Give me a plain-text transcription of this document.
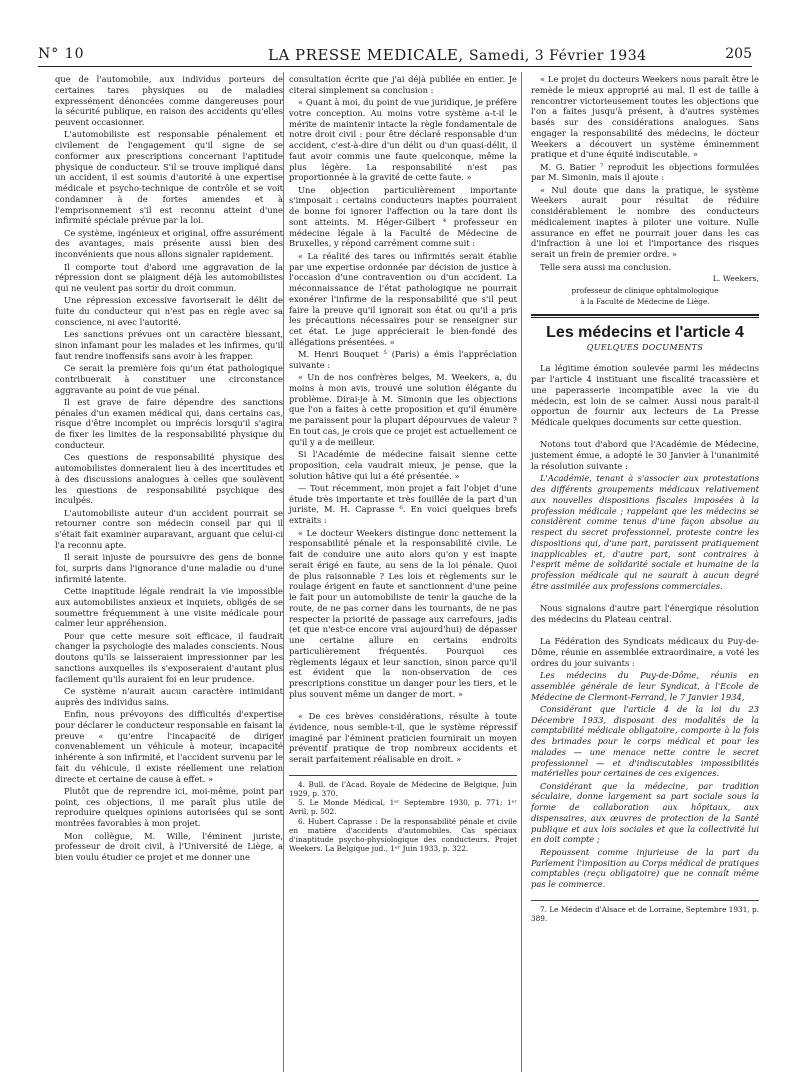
N° 10	LA PRESSE MEDICALE, Samedi, 3 Février 1934	205

que de l'automobile, aux individus porteurs de certaines tares physiques ou de maladies expressément dénoncées comme dangereuses pour la sécurité publique, en raison des accidents qu'elles peuvent occasionner.

L'automobiliste est responsable pénalement et civilement de l'engagement qu'il signe de se conformer aux prescriptions concernant l'aptitude physique de conducteur. S'il se trouve impliqué dans un accident, il est soumis d'autorité à une expertise médicale et psycho-technique de contrôle et se voit condamner à de fortes amendes et à l'emprisonnement s'il est reconnu atteint d'une infirmité spéciale prévue par la loi.

Ce système, ingénieux et original, offre assurément des avantages, mais présente aussi bien des inconvénients que nous allons signaler rapidement.

Il comporte tout d'abord une aggravation de la répression dont se plaignent déjà les automobilistes qui ne veulent pas sortir du droit commun.

Une répression excessive favoriserait le délit de fuite du conducteur qui n'est pas en règle avec sa conscience, ni avec l'autorité.

Les sanctions prévues ont un caractère blessant, sinon infamant pour les malades et les infirmes, qu'il faut rendre inoffensifs sans avoir à les frapper.

Ce serait la première fois qu'un état pathologique contribuerait à constituer une circonstance aggravante au point de vue pénal.

Il est grave de faire dépendre des sanctions pénales d'un examen médical qui, dans certains cas, risque d'être incomplet ou imprécis lorsqu'il s'agira de fixer les limites de la responsabilité physique du conducteur.

Ces questions de responsabilité physique des automobilistes donneraient lieu à des incertitudes et à des discussions analogues à celles que soulèvent les questions de responsabilité psychique des inculpés.

L'automobiliste auteur d'un accident pourrait se retourner contre son médecin conseil par qui il s'était fait examiner auparavant, arguant que celui-ci l'a reconnu apte.

Il serait injuste de poursuivre des gens de bonne foi, surpris dans l'ignorance d'une maladie ou d'une infirmité latente.

Cette inaptitude légale rendrait la vie impossible aux automobilistes anxieux et inquiets, obligés de se soumettre fréquemment à une visite médicale pour calmer leur appréhension.

Pour que cette mesure soit efficace, il faudrait changer la psychologie des malades conscients. Nous doutons qu'ils se laisseraient impressionner par les sanctions auxquelles ils s'exposeraient d'autant plus facilement qu'ils auraient foi en leur prudence.

Ce système n'aurait aucun caractère intimidant auprès des individus sains.

Enfin, nous prévoyons des difficultés d'expertise pour déclarer le conducteur responsable en faisant la preuve « qu'entre l'incapacité de diriger convenablement un véhicule à moteur, incapacité inhérente à son infirmité, et l'accident survenu par le fait du véhicule, il existe réellement une relation directe et certaine de cause à effet. »

Plutôt que de reprendre ici, moi-même, point par point, ces objections, il me paraît plus utile de reproduire quelques opinions autorisées qui se sont montrées favorables à mon projet.

Mon collègue, M. Wille, l'éminent juriste, professeur de droit civil, à l'Université de Liège, a bien voulu étudier ce projet et me donner une

consultation écrite que j'ai déjà publiée en entier. Je citerai simplement sa conclusion :

« Quant à moi, du point de vue juridique, je préfère votre conception. Au moins votre système a-t-il le mérite de maintenir intacte la règle fondamentale de notre droit civil : pour être déclaré responsable d'un accident, c'est-à-dire d'un délit ou d'un quasi-délit, il faut avoir commis une faute quelconque, même la plus légère. La responsabilité n'est pas proportionnée à la gravité de cette faute. »

Une objection particulièrement importante s'imposait : certains conducteurs inaptes pourraient de bonne foi ignorer l'affection ou la tare dont ils sont atteints. M. Héger-Gilbert ⁴ professeur en médecine légale à la Faculté de Médecine de Bruxelles, y répond carrément comme suit :

« La réalité des tares ou infirmités serait établie par une expertise ordonnée par décision de justice à l'occasion d'une contravention ou d'un accident. La méconnaissance de l'état pathologique ne pourrait exonérer l'infirme de la responsabilité que s'il peut faire la preuve qu'il ignorait son état ou qu'il a pris les précautions nécessaires pour se renseigner sur cet état. Le juge apprécierait le bien-fondé des allégations présentées. »

M. Henri Bouquet ⁵ (Paris) a émis l'appréciation suivante :

« Un de nos confrères belges, M. Weekers, a, du moins à mon avis, trouvé une solution élégante du problème. Dirai-je à M. Simonin que les objections que l'on a faites à cette proposition et qu'il énumère me paraissent pour la plupart dépourvues de valeur ? En tout cas, je crois que ce projet est actuellement ce qu'il y a de meilleur.

Si l'Académie de médecine faisait sienne cette proposition, cela vaudrait mieux, je pense, que la solution hâtive qui lui a été présentée. »

— Tout récemment, mon projet a fait l'objet d'une étude très importante et très fouillée de la part d'un juriste, M. H. Caprasse ⁶. En voici quelques brefs extraits :

« Le docteur Weekers distingue donc nettement la responsabilité pénale et la responsabilité civile. Le fait de conduire une auto alors qu'on y est inapte serait érigé en faute, au sens de la loi pénale. Quoi de plus raisonnable ? Les lois et règlements sur le roulage érigent en faute et sanctionnent d'une peine le fait pour un automobiliste de tenir la gauche de la route, de ne pas corner dans les tournants, de ne pas respecter la priorité de passage aux carrefours, jadis (et que n'est-ce encore vrai aujourd'hui) de dépasser une certaine allure en certains endroits particulièrement fréquentés. Pourquoi ces règlements légaux et leur sanction, sinon parce qu'il est évident que la non-observation de ces prescriptions constitue un danger pour les tiers, et le plus souvent même un danger de mort. »

« De ces brèves considérations, résulte à toute évidence, nous semble-t-il, que le système répressif imaginé par l'éminent praticien fournirait un moyen préventif pratique de trop nombreux accidents et serait parfaitement réalisable en droit. »

4. Bull. de l'Acad. Royale de Médecine de Belgique, Juin 1929, p. 370.

5. Le Monde Médical, 1ᵉʳ Septembre 1930, p. 771; 1ᵉʳ Avril, p. 502.

6. Hubert Caprasse : De la responsabilité pénale et civile en matière d'accidents d'automobiles. Cas spéciaux d'inaptitude psycho-physiologique des conducteurs. Projet Weekers. La Belgique jud., 1ᵉʳ Juin 1933, p. 322.

« Le projet du docteurs Weekers nous paraît être le remède le mieux approprié au mal. Il est de taille à rencontrer victorieusement toutes les objections que l'on a faites jusqu'à présent, à d'autres systèmes basés sur des considérations analogues. Sans engager la responsabilité des médecins, le docteur Weekers a découvert un système éminemment pratique et d'une équité indiscutable. »

M. G. Batier ⁷ reproduit les objections formulées par M. Simonin, mais il ajoute :

« Nul doute que dans la pratique, le système Weekers aurait pour résultat de réduire considérablement le nombre des conducteurs médicalement inaptes à piloter une voiture. Nulle assurance en effet ne pourrait jouer dans les cas d'infraction à une loi et l'importance des risques serait un frein de premier ordre. »

Telle sera aussi ma conclusion.

L. Weekers,

professeur de clinique ophtalmologique

à la Faculté de Médecine de Liège.

Les médecins et l'article 4
QUELQUES DOCUMENTS

La légitime émotion soulevée parmi les médecins par l'article 4 instituant une fiscalité tracassière et une paperasserie incompatible avec la vie du médecin, est loin de se calmer. Aussi nous paraît-il opportun de fournir aux lecteurs de La Presse Médicale quelques documents sur cette question.

Notons tout d'abord que l'Académie de Médecine, justement émue, a adopté le 30 Janvier à l'unanimité la résolution suivante :

L'Académie, tenant à s'associer aux protestations des différents groupements médicaux relativement aux nouvelles dispositions fiscales imposées à la profession médicale ; rappelant que les médecins se considèrent comme tenus d'une façon absolue au respect du secret professionnel, proteste contre les dispositions qui, d'une part, paraissent pratiquement inapplicables et, d'autre part, sont contraires à l'esprit même de solidarité sociale et humaine de la profession médicale qui ne saurait à aucun degré être assimilée aux professions commerciales.

Nous signalons d'autre part l'énergique résolution des médecins du Plateau central.

La Fédération des Syndicats médicaux du Puy-de-Dôme, réunie en assemblée extraordinaire, a voté les ordres du jour suivants :

Les médecins du Puy-de-Dôme, réunis en assemblée générale de leur Syndicat, à l'Ecole de Médecine de Clermont-Ferrand, le 7 Janvier 1934,

Considérant que l'article 4 de la loi du 23 Décembre 1933, disposant des modalités de la comptabilité médicale obligatoire, comporte à la fois des brimades pour le corps médical et pour les malades — une menace nette contre le secret professionnel — et d'indiscutables impossibilités matérielles pour certaines de ces exigences.

Considérant que la médecine, par tradition séculaire, donne largement sa part sociale sous la forme de collaboration aux hôpitaux, aux dispensaires, aux œuvres de protection de la Santé publique et aux lois sociales et que la collectivité lui en doit compte ;

Repoussent comme injurieuse de la part du Parlement l'imposition au Corps médical de pratiques comptables (reçu obligatoire) que ne connaît même pas le commerce.

7. Le Médecin d'Alsace et de Lorraine, Septembre 1931, p. 389.
